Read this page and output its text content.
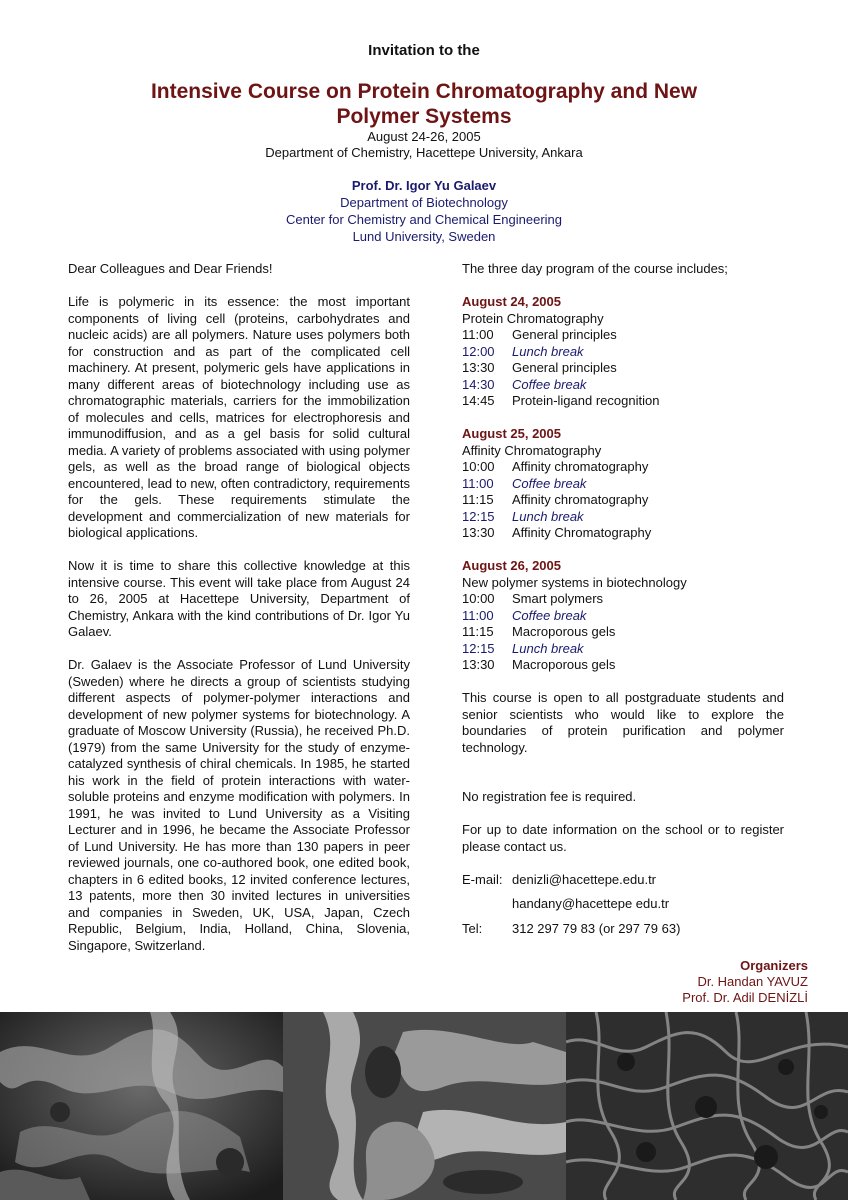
Invitation to the
Intensive Course on Protein Chromatography and New Polymer Systems
August 24-26, 2005
Department of Chemistry, Hacettepe University, Ankara
Prof. Dr. Igor Yu Galaev
Department of Biotechnology
Center for Chemistry and Chemical Engineering
Lund University, Sweden

Dear Colleagues and Dear Friends!

Life is polymeric in its essence: the most important components of living cell (proteins, carbohydrates and nucleic acids) are all polymers. Nature uses polymers both for construction and as part of the complicated cell machinery. At present, polymeric gels have applications in many different areas of biotechnology including use as chromatographic materials, carriers for the immobilization of molecules and cells, matrices for electrophoresis and immunodiffusion, and as a gel basis for solid cultural media. A variety of problems associated with using polymer gels, as well as the broad range of biological objects encountered, lead to new, often contradictory, requirements for the gels. These requirements stimulate the development and commercialization of new materials for biological applications.

Now it is time to share this collective knowledge at this intensive course. This event will take place from August 24 to 26, 2005 at Hacettepe University, Department of Chemistry, Ankara with the kind contributions of Dr. Igor Yu Galaev.

Dr. Galaev is the Associate Professor of Lund University (Sweden) where he directs a group of scientists studying different aspects of polymer-polymer interactions and development of new polymer systems for biotechnology. A graduate of Moscow University (Russia), he received Ph.D. (1979) from the same University for the study of enzyme-catalyzed synthesis of chiral chemicals. In 1985, he started his work in the field of protein interactions with water-soluble proteins and enzyme modification with polymers. In 1991, he was invited to Lund University as a Visiting Lecturer and in 1996, he became the Associate Professor of Lund University. He has more than 130 papers in peer reviewed journals, one co-authored book, one edited book, chapters in 6 edited books, 12 invited conference lectures, 13 patents, more then 30 invited lectures in universities and companies in Sweden, UK, USA, Japan, Czech Republic, Belgium, India, Holland, China, Slovenia, Singapore, Switzerland.

The three day program of the course includes;

August 24, 2005
Protein Chromatography
11:00	General principles
12:00	Lunch break
13:30	General principles
14:30	Coffee break
14:45	Protein-ligand recognition
August 25, 2005
Affinity Chromatography
10:00	Affinity chromatography
11:00	Coffee break
11:15	Affinity chromatography
12:15	Lunch break
13:30	Affinity Chromatography
August 26, 2005
New polymer systems in biotechnology
10:00	Smart polymers
11:00	Coffee break
11:15	Macroporous gels
12:15	Lunch break
13:30	Macroporous gels
This course is open to all postgraduate students and senior scientists who would like to explore the boundaries of protein purification and polymer technology.
No registration fee is required.
For up to date information on the school or to register please contact us.
E-mail: denizli@hacettepe.edu.tr
handany@hacettepe edu.tr
Tel:	312 297 79 83 (or 297 79 63)
Organizers
Dr. Handan YAVUZ
Prof. Dr. Adil DENİZLİ
